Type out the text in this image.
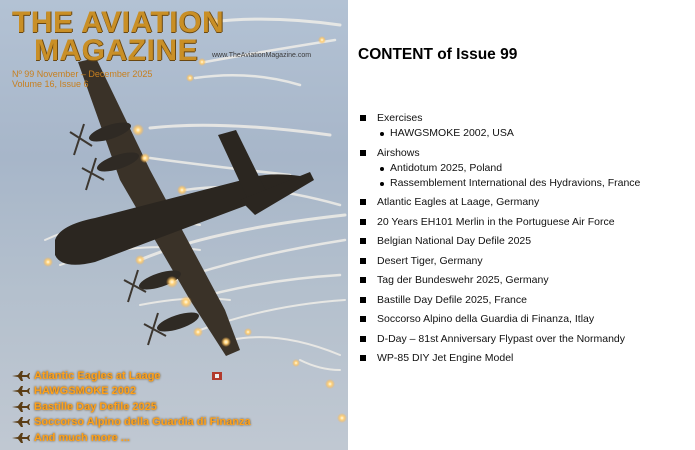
THE AVIATION
MAGAZINE www.TheAviationMagazine.com
Nº 99 November – December 2025
Volume 16, Issue 6
Atlantic Eagles at Laage
HAWGSMOKE 2002
Bastille Day Defile 2025
Soccorso Alpino della Guardia di Finanza
And much more ...
CONTENT of Issue 99
Exercises
HAWGSMOKE 2002, USA
Airshows
Antidotum 2025, Poland
Rassemblement International des Hydravions, France
Atlantic Eagles at Laage, Germany
20 Years EH101 Merlin in the Portuguese Air Force
Belgian National Day Defile 2025
Desert Tiger, Germany
Tag der Bundeswehr 2025, Germany
Bastille Day Defile 2025, France
Soccorso Alpino della Guardia di Finanza, Itlay
D-Day – 81st Anniversary Flypast over the Normandy
WP-85 DIY Jet Engine Model
